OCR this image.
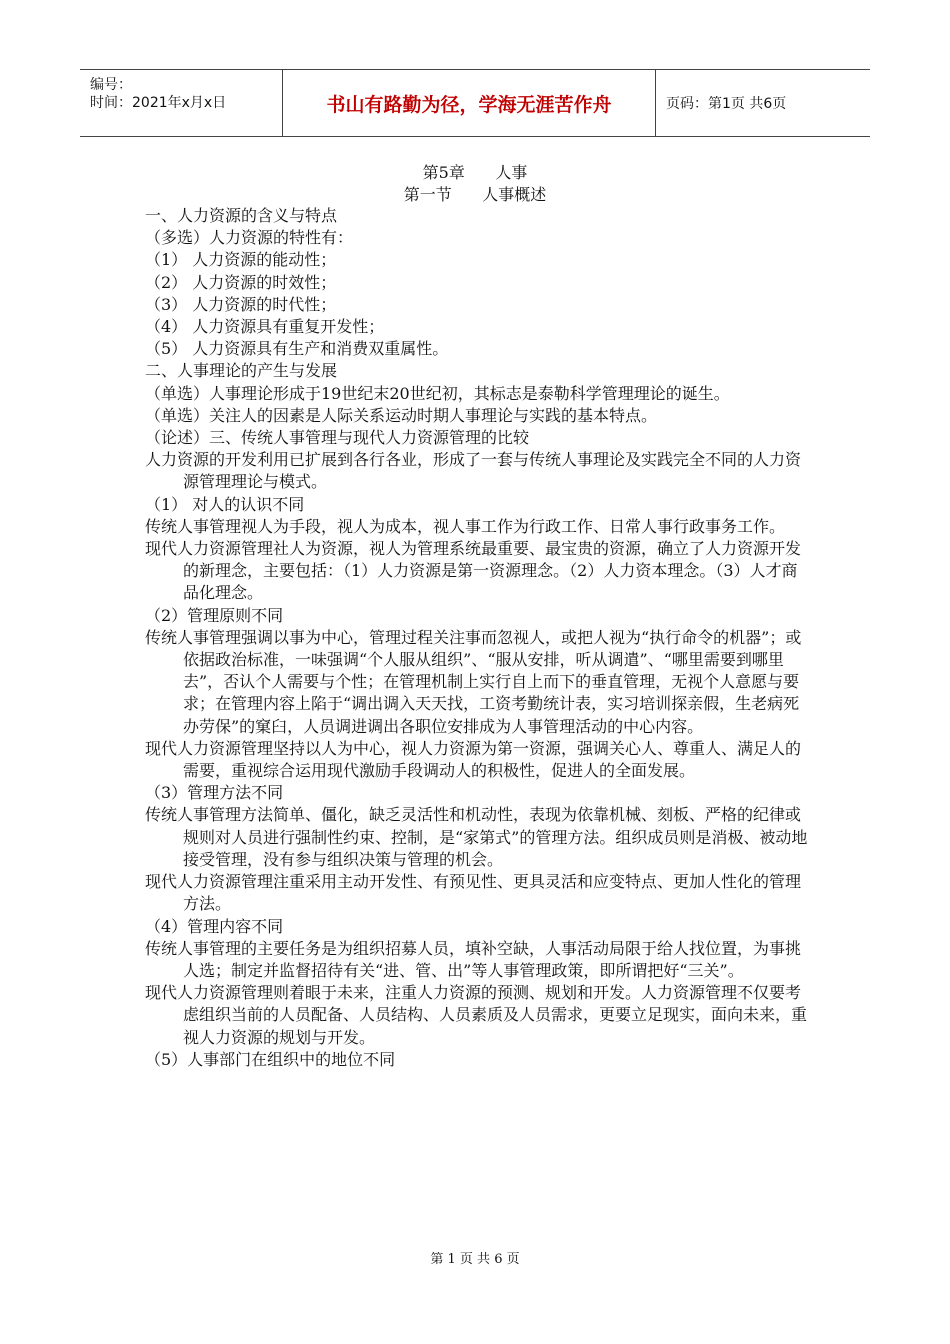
编号：
时间：2021年x月x日	书山有路勤为径，学海无涯苦作舟	页码：第1页 共6页
第5章      人事
第一节      人事概述

一、人力资源的含义与特点

（多选）人力资源的特性有：

（1） 人力资源的能动性；

（2） 人力资源的时效性；

（3） 人力资源的时代性；

（4） 人力资源具有重复开发性；

（5） 人力资源具有生产和消费双重属性。

二、人事理论的产生与发展

（单选）人事理论形成于19世纪末20世纪初，其标志是泰勒科学管理理论的诞生。

（单选）关注人的因素是人际关系运动时期人事理论与实践的基本特点。

（论述）三、传统人事管理与现代人力资源管理的比较

人力资源的开发利用已扩展到各行各业，形成了一套与传统人事理论及实践完全不同的人力资源管理理论与模式。

（1） 对人的认识不同

传统人事管理视人为手段，视人为成本，视人事工作为行政工作、日常人事行政事务工作。

现代人力资源管理社人为资源，视人为管理系统最重要、最宝贵的资源，确立了人力资源开发的新理念，主要包括：（1）人力资源是第一资源理念。（2）人力资本理念。（3）人才商品化理念。

（2）管理原则不同

传统人事管理强调以事为中心，管理过程关注事而忽视人，或把人视为“执行命令的机器”；或依据政治标准，一味强调“个人服从组织”、“服从安排，听从调遣”、“哪里需要到哪里去”，否认个人需要与个性；在管理机制上实行自上而下的垂直管理，无视个人意愿与要求；在管理内容上陷于“调出调入天天找，工资考勤统计表，实习培训探亲假，生老病死办劳保”的窠臼，人员调进调出各职位安排成为人事管理活动的中心内容。

现代人力资源管理坚持以人为中心，视人力资源为第一资源，强调关心人、尊重人、满足人的需要，重视综合运用现代激励手段调动人的积极性，促进人的全面发展。

（3）管理方法不同

传统人事管理方法简单、僵化，缺乏灵活性和机动性，表现为依靠机械、刻板、严格的纪律或规则对人员进行强制性约束、控制，是“家第式”的管理方法。组织成员则是消极、被动地接受管理，没有参与组织决策与管理的机会。

现代人力资源管理注重采用主动开发性、有预见性、更具灵活和应变特点、更加人性化的管理方法。

（4）管理内容不同

传统人事管理的主要任务是为组织招募人员，填补空缺，人事活动局限于给人找位置，为事挑人选；制定并监督招待有关“进、管、出”等人事管理政策，即所谓把好“三关”。

现代人力资源管理则着眼于未来，注重人力资源的预测、规划和开发。人力资源管理不仅要考虑组织当前的人员配备、人员结构、人员素质及人员需求，更要立足现实，面向未来，重视人力资源的规划与开发。

（5）人事部门在组织中的地位不同

第 1 页 共 6 页
